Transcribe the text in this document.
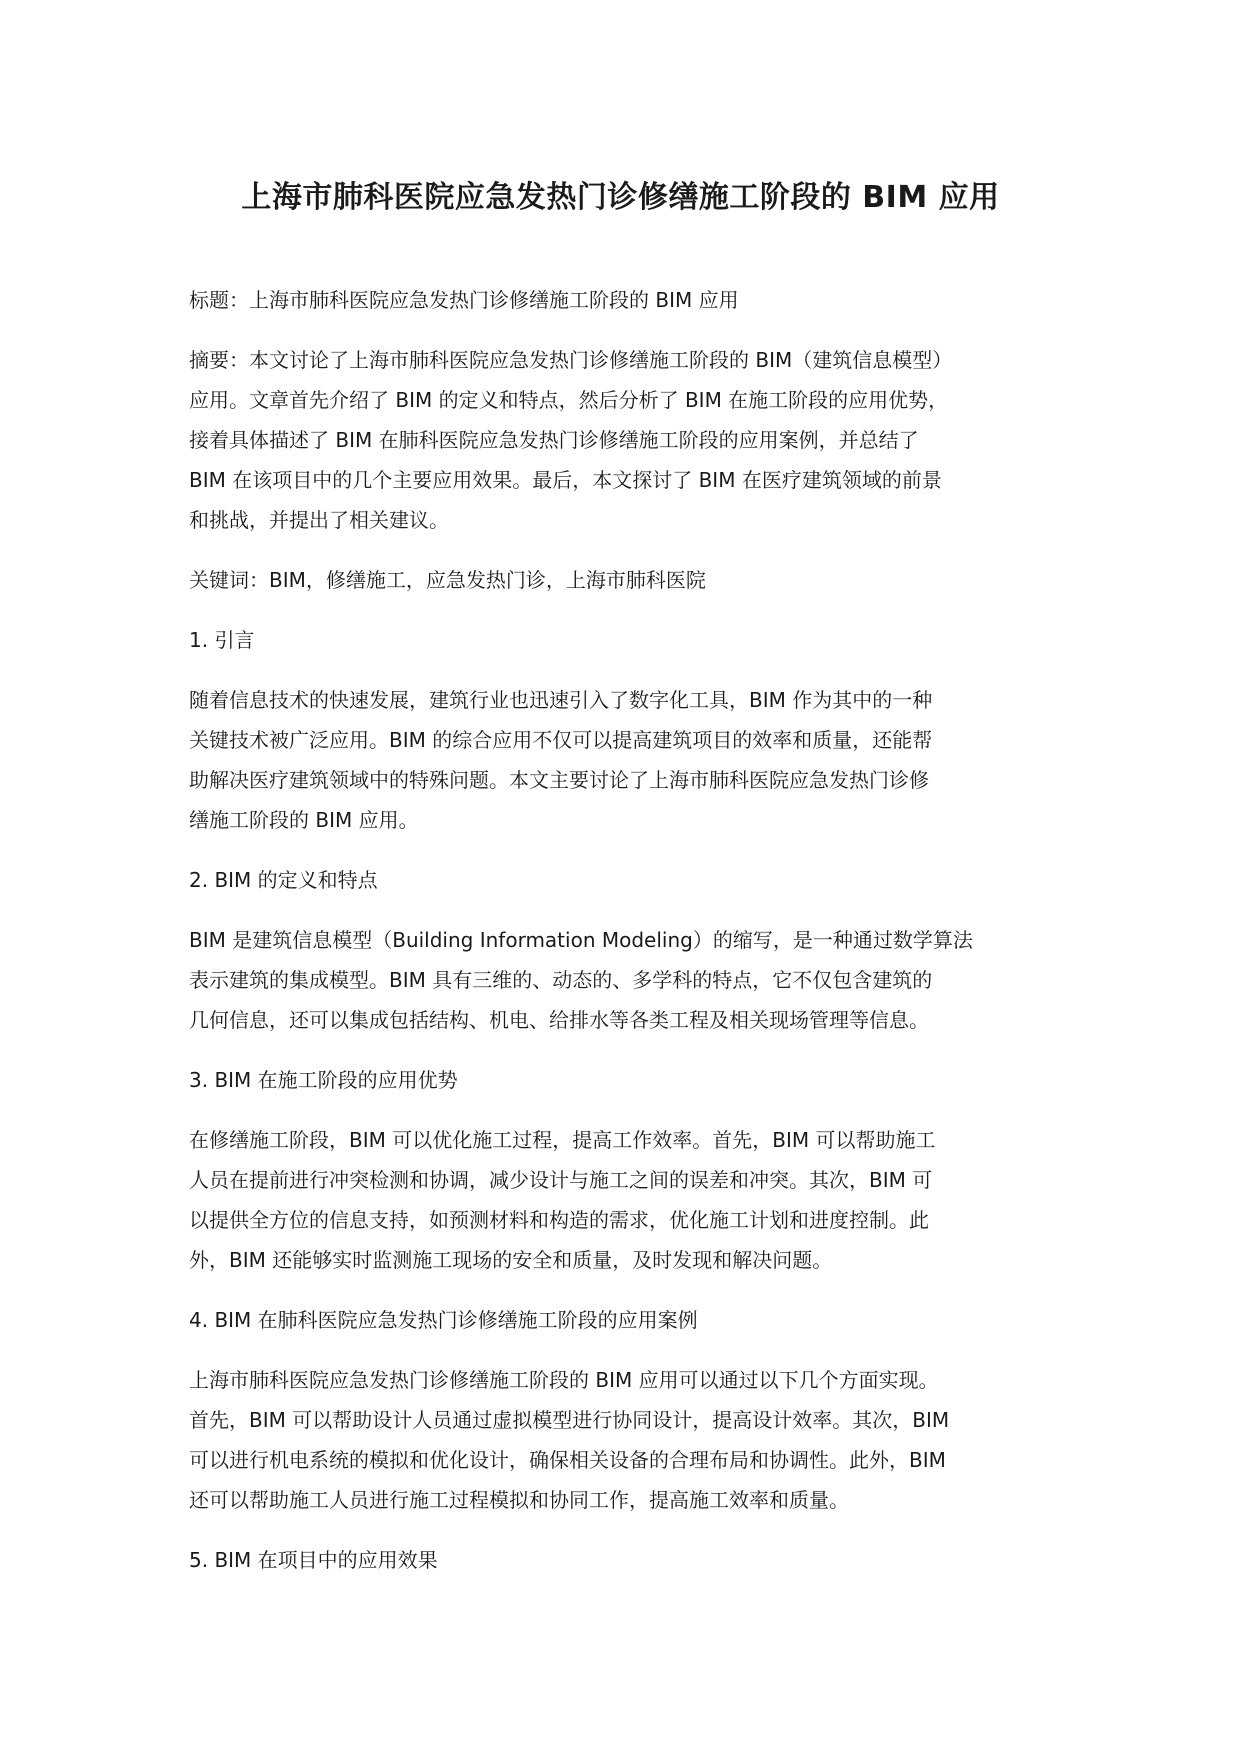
上海市肺科医院应急发热门诊修缮施工阶段的 BIM 应用

标题：上海市肺科医院应急发热门诊修缮施工阶段的 BIM 应用

摘要：本文讨论了上海市肺科医院应急发热门诊修缮施工阶段的 BIM（建筑信息模型）
应用。文章首先介绍了 BIM 的定义和特点，然后分析了 BIM 在施工阶段的应用优势，
接着具体描述了 BIM 在肺科医院应急发热门诊修缮施工阶段的应用案例，并总结了
BIM 在该项目中的几个主要应用效果。最后，本文探讨了 BIM 在医疗建筑领域的前景
和挑战，并提出了相关建议。

关键词：BIM，修缮施工，应急发热门诊，上海市肺科医院

1. 引言

随着信息技术的快速发展，建筑行业也迅速引入了数字化工具，BIM 作为其中的一种
关键技术被广泛应用。BIM 的综合应用不仅可以提高建筑项目的效率和质量，还能帮
助解决医疗建筑领域中的特殊问题。本文主要讨论了上海市肺科医院应急发热门诊修
缮施工阶段的 BIM 应用。

2. BIM 的定义和特点

BIM 是建筑信息模型（Building Information Modeling）的缩写，是一种通过数学算法
表示建筑的集成模型。BIM 具有三维的、动态的、多学科的特点，它不仅包含建筑的
几何信息，还可以集成包括结构、机电、给排水等各类工程及相关现场管理等信息。

3. BIM 在施工阶段的应用优势

在修缮施工阶段，BIM 可以优化施工过程，提高工作效率。首先，BIM 可以帮助施工
人员在提前进行冲突检测和协调，减少设计与施工之间的误差和冲突。其次，BIM 可
以提供全方位的信息支持，如预测材料和构造的需求，优化施工计划和进度控制。此
外，BIM 还能够实时监测施工现场的安全和质量，及时发现和解决问题。

4. BIM 在肺科医院应急发热门诊修缮施工阶段的应用案例

上海市肺科医院应急发热门诊修缮施工阶段的 BIM 应用可以通过以下几个方面实现。
首先，BIM 可以帮助设计人员通过虚拟模型进行协同设计，提高设计效率。其次，BIM
可以进行机电系统的模拟和优化设计，确保相关设备的合理布局和协调性。此外，BIM
还可以帮助施工人员进行施工过程模拟和协同工作，提高施工效率和质量。

5. BIM 在项目中的应用效果
